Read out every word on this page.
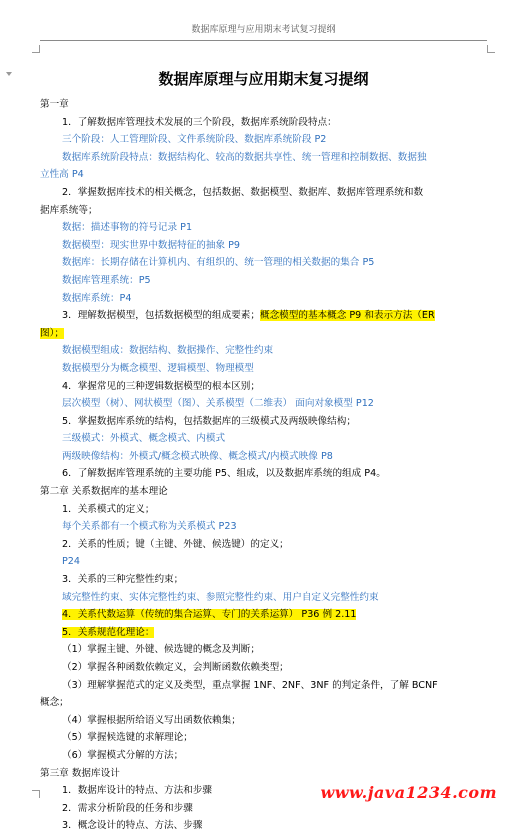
数据库原理与应用期末考试复习提纲
数据库原理与应用期末复习提纲
第一章
1．了解数据库管理技术发展的三个阶段，数据库系统阶段特点：
三个阶段：人工管理阶段、文件系统阶段、数据库系统阶段 P2
数据库系统阶段特点：数据结构化、较高的数据共享性、统一管理和控制数据、数据独
立性高 P4
2．掌握数据库技术的相关概念，包括数据、数据模型、数据库、数据库管理系统和数
据库系统等；
数据：描述事物的符号记录 P1
数据模型：现实世界中数据特征的抽象 P9
数据库：长期存储在计算机内、有组织的、统一管理的相关数据的集合 P5
数据库管理系统：P5
数据库系统：P4
3．理解数据模型，包括数据模型的组成要素；概念模型的基本概念 P9 和表示方法（ER
图）；
数据模型组成：数据结构、数据操作、完整性约束
数据模型分为概念模型、逻辑模型、物理模型
4．掌握常见的三种逻辑数据模型的根本区别；
层次模型（树）、网状模型（图）、关系模型（二维表） 面向对象模型 P12
5．掌握数据库系统的结构，包括数据库的三级模式及两级映像结构；
三级模式：外模式、概念模式、内模式
两级映像结构：外模式/概念模式映像、概念模式/内模式映像 P8
6．了解数据库管理系统的主要功能 P5、组成，以及数据库系统的组成 P4。
第二章 关系数据库的基本理论
1．关系模式的定义；
每个关系都有一个模式称为关系模式 P23
2．关系的性质；键（主键、外键、候选键）的定义；
P24
3．关系的三种完整性约束；
域完整性约束、实体完整性约束、参照完整性约束、用户自定义完整性约束
4．关系代数运算（传统的集合运算、专门的关系运算） P36 例 2.11
5．关系规范化理论：
（1）掌握主键、外键、候选键的概念及判断；
（2）掌握各种函数依赖定义，会判断函数依赖类型；
（3）理解掌握范式的定义及类型，重点掌握 1NF、2NF、3NF 的判定条件，了解 BCNF
概念；
（4）掌握根据所给语义写出函数依赖集；
（5）掌握候选键的求解理论；
（6）掌握模式分解的方法；
第三章 数据库设计
1．数据库设计的特点、方法和步骤
2．需求分析阶段的任务和步骤
3．概念设计的特点、方法、步骤
www.java1234.com
